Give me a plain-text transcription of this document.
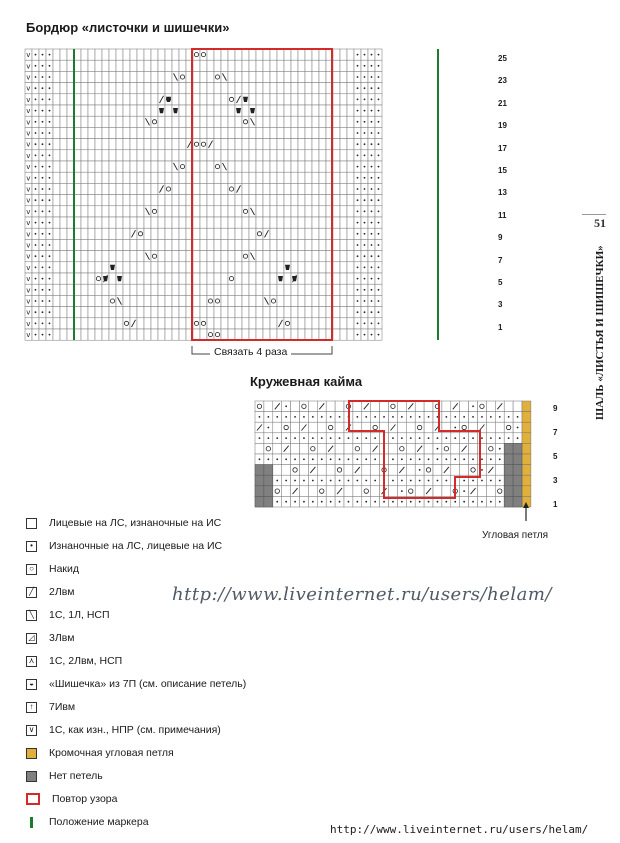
Бордюр «листочки и шишечки»
v
v
v
v
v
v
v
v
v
v
v
v
v
v
v
v
v
v
v
v
v
v
v
v
v
v
Связать 4 раза
25
23
21
19
17
15
13
11
9
7
5
3
1
Кружевная кайма
9
7
5
3
1
Угловая петля
51
ШАЛЬ «ЛИСТЬЯ И ШИШЕЧКИ»
Лицевые на ЛС, изнаночные на ИС
•	Изнаночные на ЛС, лицевые на ИС
○ Накид
╱ 2Лвм
╲ 1С, 1Л, НСП
◿ 3Лвм
⋏ 1С, 2Лвм, НСП
◒ «Шишечка» из 7П (см. описание петель)
↑	7Ивм
∨ 1С, как изн., НПР (см. примечания)
Кромочная угловая петля
Нет петель
Повтор узора
Положение маркера
http://www.liveinternet.ru/users/helam/
http://www.liveinternet.ru/users/helam/
